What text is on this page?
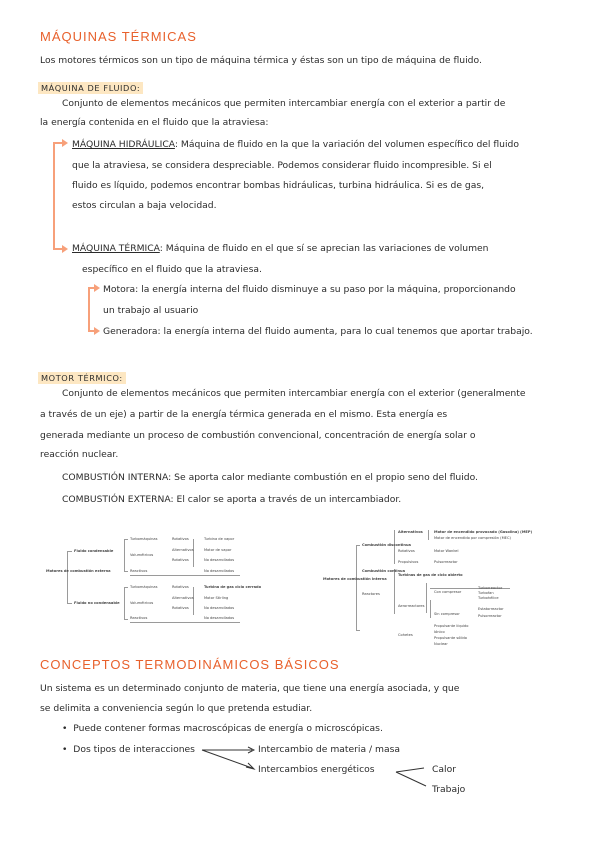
MÁQUINAS TÉRMICAS
Los motores térmicos son un tipo de máquina térmica y éstas son un tipo de máquina de fluido.
MÁQUINA DE FLUIDO:
Conjunto de elementos mecánicos que permiten intercambiar energía con el exterior a partir de
la energía contenida en el fluido que la atraviesa:
MÁQUINA HIDRÁULICA: Máquina de fluido en la que la variación del volumen específico del fluido
que la atraviesa, se considera despreciable. Podemos considerar fluido incompresible. Si el
fluido es líquido, podemos encontrar bombas hidráulicas, turbina hidráulica. Si es de gas,
estos circulan a baja velocidad.
MÁQUINA TÉRMICA: Máquina de fluido en el que sí se aprecian las variaciones de volumen
específico en el fluido que la atraviesa.
Motora: la energía interna del fluido disminuye a su paso por la máquina, proporcionando
un trabajo al usuario
Generadora: la energía interna del fluido aumenta, para lo cual tenemos que aportar trabajo.
MOTOR TÉRMICO:
Conjunto de elementos mecánicos que permiten intercambiar energía con el exterior (generalmente
a través de un eje) a partir de la energía térmica generada en el mismo. Esta energía es
generada mediante un proceso de combustión convencional, concentración de energía solar o
reacción nuclear.
COMBUSTIÓN INTERNA: Se aporta calor mediante combustión en el propio seno del fluido.
COMBUSTIÓN EXTERNA: El calor se aporta a través de un intercambiador.
Motores de combustión externa
Fluido condensable
Fluido no condensable
Turbomáquinas
Volumétricos
Reactivos
Rotativos
Alternativos
Rotativos
Turbina de vapor
Motor de vapor
No desarrollados
No desarrollados
Turbomáquinas
Volumétricos
Reactivos
Rotativos
Alternativos
Rotativos
Turbina de gas ciclo cerrado
Motor Stirling
No desarrollados
No desarrollados
Motores de combustión interna
Combustión discontinua
Combustión continua
Alternativos	Motor de encendido provocado (Gasolina) (MEP)
Motor de encendido por compresión (MEC)
Rotativos	Motor Wankel
Propulsivos	Pulsorreactor
Turbinas de gas de ciclo abierto
Con compresor
Aerorreactores
Sin compresor
Reactores
Cohetes
Turborreactor
Turbofan
Turbohélice
Estatorreactor
Pulsorreactor
Propulsante líquido
Iónico
Propulsante sólido
Nuclear
CONCEPTOS TERMODINÁMICOS BÁSICOS
Un sistema es un determinado conjunto de materia, que tiene una energía asociada, y que
se delimita a conveniencia según lo que pretenda estudiar.
•  Puede contener formas macroscópicas de energía o microscópicas.
•  Dos tipos de interacciones	Intercambio de materia / masa
Intercambios energéticos	Calor
Trabajo
